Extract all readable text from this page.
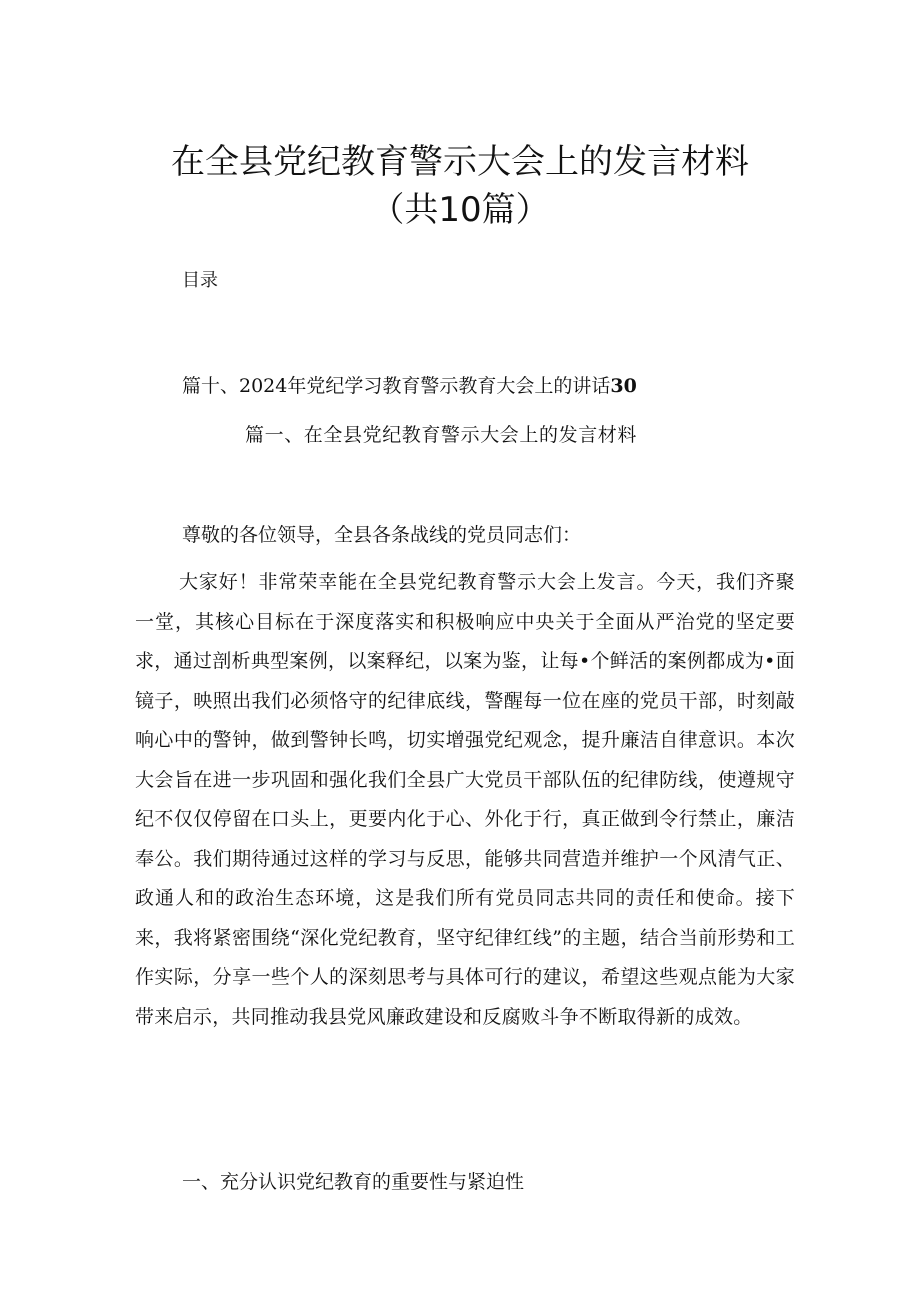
在全县党纪教育警示大会上的发言材料（共10篇）
目录
篇十、2024年党纪学习教育警示教育大会上的讲话30
篇一、在全县党纪教育警示大会上的发言材料
尊敬的各位领导，全县各条战线的党员同志们：

大家好！非常荣幸能在全县党纪教育警示大会上发言。今天，我们齐聚一堂，其核心目标在于深度落实和积极响应中央关于全面从严治党的坚定要求，通过剖析典型案例，以案释纪，以案为鉴，让每•个鲜活的案例都成为•面镜子，映照出我们必须恪守的纪律底线，警醒每一位在座的党员干部，时刻敲响心中的警钟，做到警钟长鸣，切实增强党纪观念，提升廉洁自律意识。本次大会旨在进一步巩固和强化我们全县广大党员干部队伍的纪律防线，使遵规守纪不仅仅停留在口头上，更要内化于心、外化于行，真正做到令行禁止，廉洁奉公。我们期待通过这样的学习与反思，能够共同营造并维护一个风清气正、政通人和的政治生态环境，这是我们所有党员同志共同的责任和使命。接下来，我将紧密围绕“深化党纪教育，坚守纪律红线”的主题，结合当前形势和工作实际，分享一些个人的深刻思考与具体可行的建议，希望这些观点能为大家带来启示，共同推动我县党风廉政建设和反腐败斗争不断取得新的成效。

一、充分认识党纪教育的重要性与紧迫性
